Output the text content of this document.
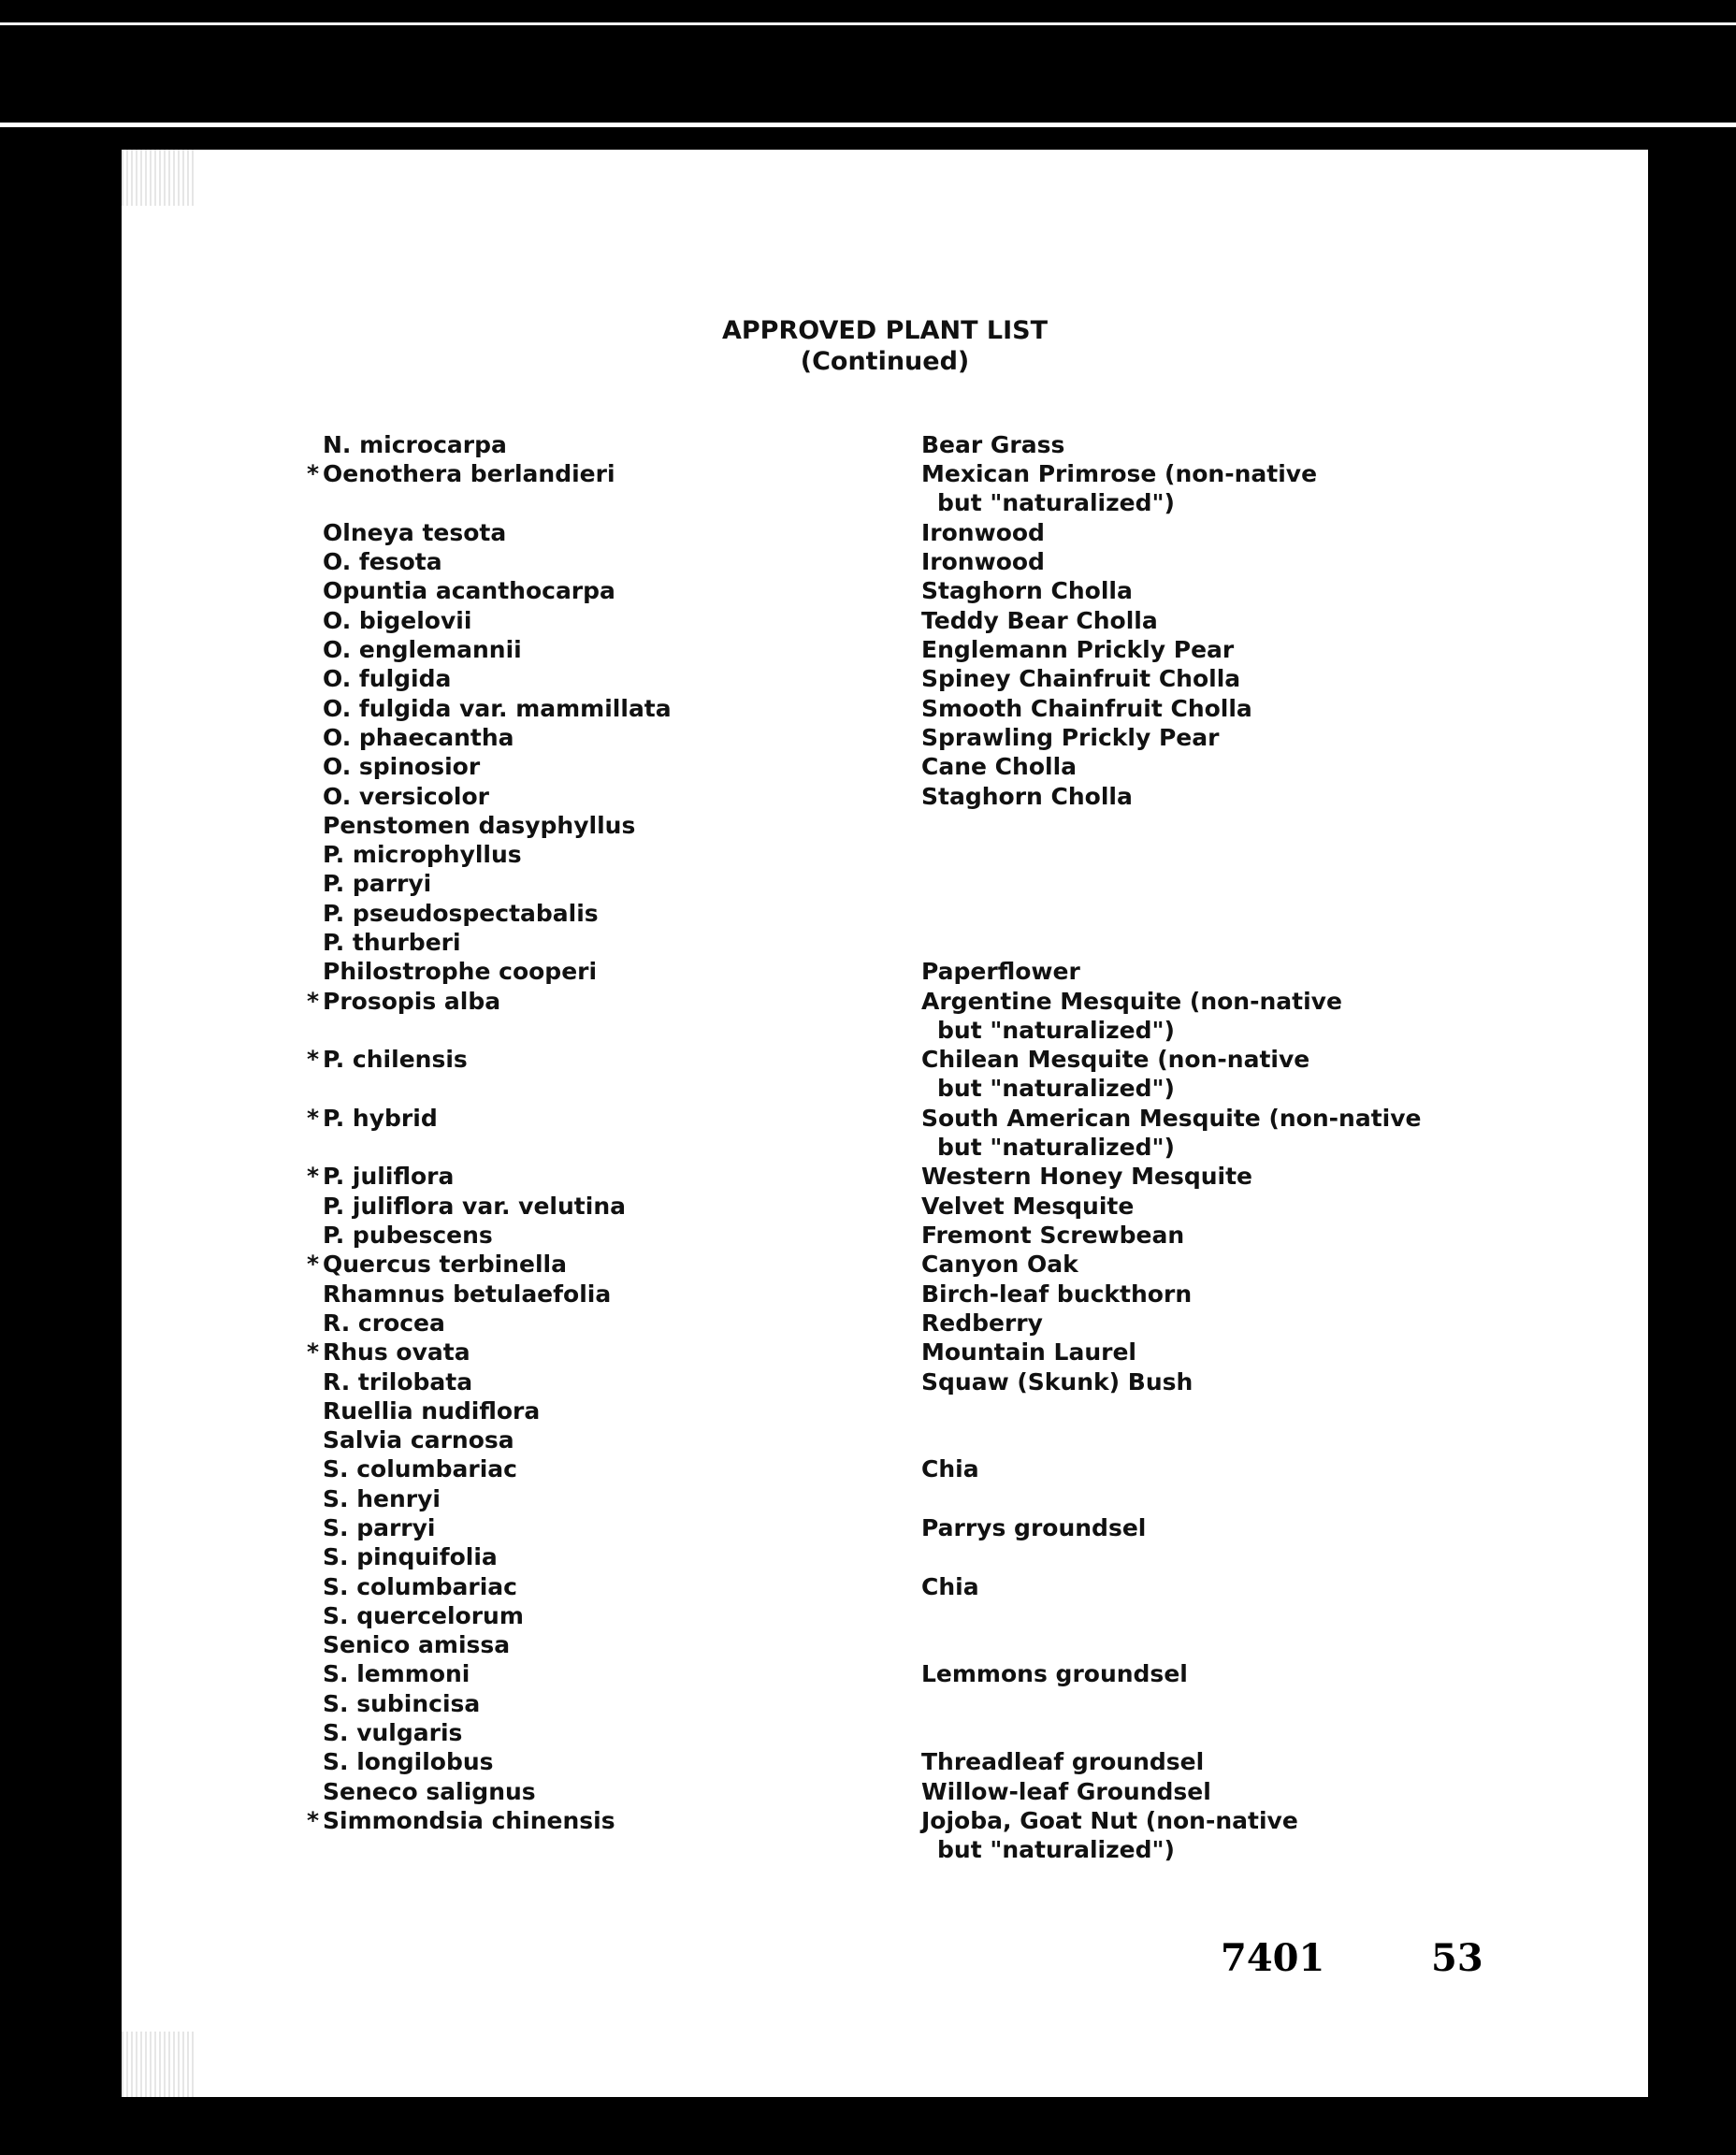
APPROVED PLANT LIST
(Continued)
N. microcarpa	Bear Grass
* Oenothera berlandieri	Mexican Primrose (non-native
but "naturalized")
Olneya tesota	Ironwood
O. fesota	Ironwood
Opuntia acanthocarpa	Staghorn Cholla
O. bigelovii	Teddy Bear Cholla
O. englemannii	Englemann Prickly Pear
O. fulgida	Spiney Chainfruit Cholla
O. fulgida var. mammillata	Smooth Chainfruit Cholla
O. phaecantha	Sprawling Prickly Pear
O. spinosior	Cane Cholla
O. versicolor	Staghorn Cholla
Penstomen dasyphyllus
P. microphyllus
P. parryi
P. pseudospectabalis
P. thurberi
Philostrophe cooperi	Paperflower
* Prosopis alba	Argentine Mesquite (non-native
but "naturalized")
* P. chilensis	Chilean Mesquite (non-native
but "naturalized")
* P. hybrid	South American Mesquite (non-native
but "naturalized")
* P. juliflora	Western Honey Mesquite
P. juliflora var. velutina	Velvet Mesquite
P. pubescens	Fremont Screwbean
* Quercus terbinella	Canyon Oak
Rhamnus betulaefolia	Birch-leaf buckthorn
R. crocea	Redberry
* Rhus ovata	Mountain Laurel
R. trilobata	Squaw (Skunk) Bush
Ruellia nudiflora
Salvia carnosa
S. columbariac	Chia
S. henryi
S. parryi	Parrys groundsel
S. pinquifolia
S. columbariac	Chia
S. quercelorum
Senico amissa
S. lemmoni	Lemmons groundsel
S. subincisa
S. vulgaris
S. longilobus	Threadleaf groundsel
Seneco salignus	Willow-leaf Groundsel
* Simmondsia chinensis	Jojoba, Goat Nut (non-native
but "naturalized")
7401	53
